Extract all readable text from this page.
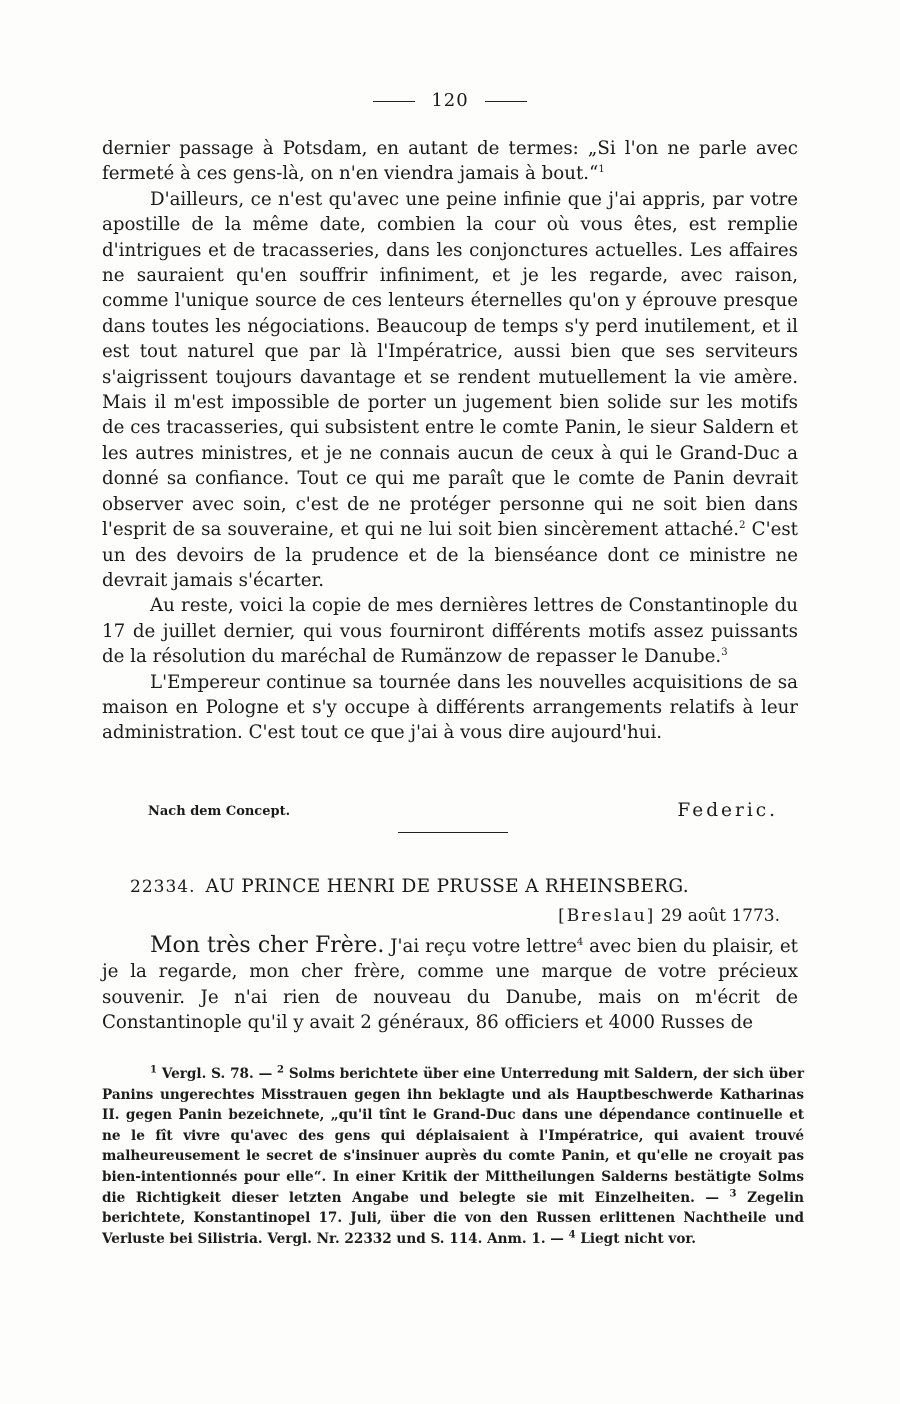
120

dernier passage à Potsdam, en autant de termes: „Si l'on ne parle avec fermeté à ces gens-là, on n'en viendra jamais à bout.“$^1$

D'ailleurs, ce n'est qu'avec une peine infinie que j'ai appris, par votre apostille de la même date, combien la cour où vous êtes, est remplie d'intrigues et de tracasseries, dans les conjonctures actuelles. Les affaires ne sauraient qu'en souffrir infiniment, et je les regarde, avec raison, comme l'unique source de ces lenteurs éternelles qu'on y éprouve presque dans toutes les négociations. Beaucoup de temps s'y perd inutilement, et il est tout naturel que par là l'Impératrice, aussi bien que ses serviteurs s'aigrissent toujours davantage et se rendent mutuellement la vie amère. Mais il m'est impossible de porter un jugement bien solide sur les motifs de ces tracasseries, qui subsistent entre le comte Panin, le sieur Saldern et les autres ministres, et je ne connais aucun de ceux à qui le Grand-Duc a donné sa confiance. Tout ce qui me paraît que le comte de Panin devrait observer avec soin, c'est de ne protéger personne qui ne soit bien dans l'esprit de sa souveraine, et qui ne lui soit bien sincèrement attaché.$^2$ C'est un des devoirs de la prudence et de la bienséance dont ce ministre ne devrait jamais s'écarter.

Au reste, voici la copie de mes dernières lettres de Constantinople du 17 de juillet dernier, qui vous fourniront différents motifs assez puissants de la résolution du maréchal de Rumänzow de repasser le Danube.$^3$

L'Empereur continue sa tournée dans les nouvelles acquisitions de sa maison en Pologne et s'y occupe à différents arrangements relatifs à leur administration. C'est tout ce que j'ai à vous dire aujourd'hui.

Nach dem Concept.	Federic.
22334. AU PRINCE HENRI DE PRUSSE A RHEINSBERG.
[Breslau] 29 août 1773.

Mon très cher Frère. J'ai reçu votre lettre$^4$ avec bien du plaisir, et je la regarde, mon cher frère, comme une marque de votre précieux souvenir. Je n'ai rien de nouveau du Danube, mais on m'écrit de Constantinople qu'il y avait 2 généraux, 86 officiers et 4000 Russes de

$^1$ Vergl. S. 78. — $^2$ Solms berichtete über eine Unterredung mit Saldern, der sich über Panins ungerechtes Misstrauen gegen ihn beklagte und als Hauptbeschwerde Katharinas II. gegen Panin bezeichnete, „qu'il tînt le Grand-Duc dans une dépendance continuelle et ne le fît vivre qu'avec des gens qui déplaisaient à l'Impératrice, qui avaient trouvé malheureusement le secret de s'insinuer auprès du comte Panin, et qu'elle ne croyait pas bien-intentionnés pour elle“. In einer Kritik der Mittheilungen Salderns bestätigte Solms die Richtigkeit dieser letzten Angabe und belegte sie mit Einzelheiten. — $^3$ Zegelin berichtete, Konstantinopel 17. Juli, über die von den Russen erlittenen Nachtheile und Verluste bei Silistria. Vergl. Nr. 22332 und S. 114. Anm. 1. — $^4$ Liegt nicht vor.
